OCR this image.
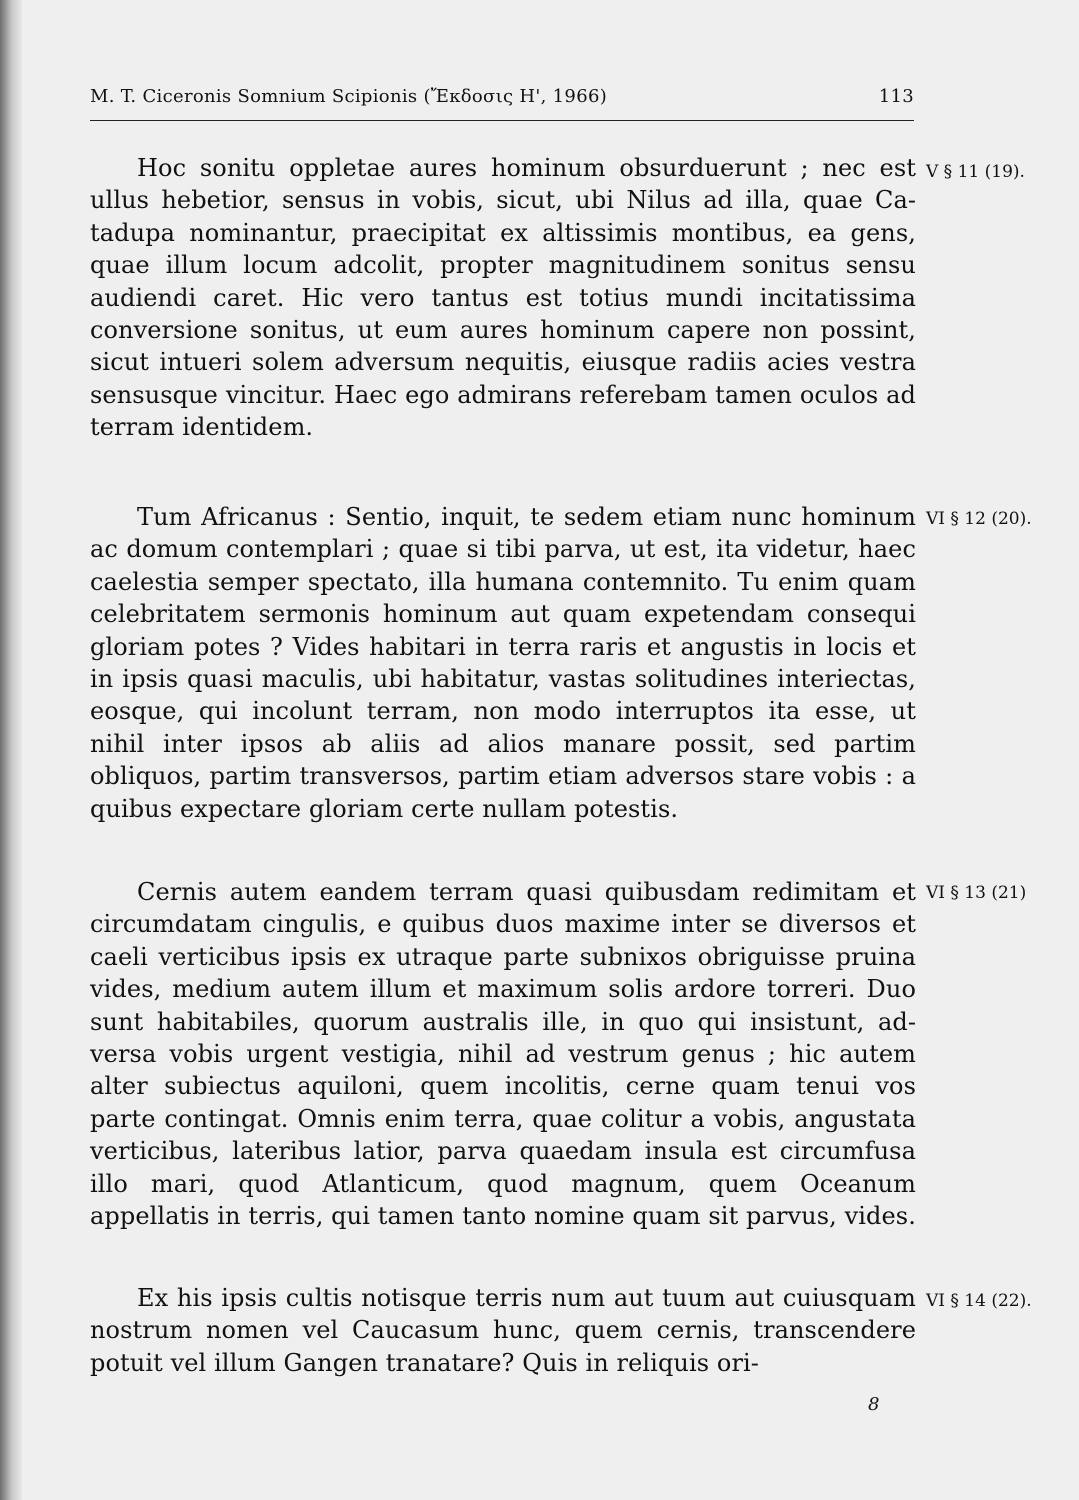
M. T. Ciceronis Somnium Scipionis (Ἔκδοσις Η', 1966)	113
Hoc sonitu oppletae aures hominum obsurduerunt ; nec est ullus hebetior, sensus in vobis, sicut, ubi Nilus ad illa, quae Catadupa nominantur, praecipitat ex altissimis montibus, ea gens, quae illum locum adcolit, propter magnitudinem sonitus sensu audiendi caret. Hic vero tantus est totius mundi incitatissima conversione sonitus, ut eum aures hominum capere non possint, sicut intueri solem adversum nequitis, eiusque radiis acies vestra sensusque vincitur. Haec ego admirans referebam tamen oculos ad terram identidem.
V § 11 (19).
Tum Africanus : Sentio, inquit, te sedem etiam nunc hominum ac domum contemplari ; quae si tibi parva, ut est, ita videtur, haec caelestia semper spectato, illa humana contemnito. Tu enim quam celebritatem sermonis hominum aut quam expetendam consequi gloriam potes ? Vides habitari in terra raris et angustis in locis et in ipsis quasi maculis, ubi habitatur, vastas solitudines interiectas, eosque, qui incolunt terram, non modo interruptos ita esse, ut nihil inter ipsos ab aliis ad alios manare possit, sed partim obliquos, partim transversos, partim etiam adversos stare vobis : a quibus expectare gloriam certe nullam potestis.
VI § 12 (20).
Cernis autem eandem terram quasi quibusdam redimitam et circumdatam cingulis, e quibus duos maxime inter se diversos et caeli verticibus ipsis ex utraque parte subnixos obriguisse pruina vides, medium autem illum et maximum solis ardore torreri. Duo sunt habitabiles, quorum australis ille, in quo qui insistunt, adversa vobis urgent vestigia, nihil ad vestrum genus ; hic autem alter subiectus aquiloni, quem incolitis, cerne quam tenui vos parte contingat. Omnis enim terra, quae colitur a vobis, angustata verticibus, lateribus latior, parva quaedam insula est circumfusa illo mari, quod Atlanticum, quod magnum, quem Oceanum appellatis in terris, qui tamen tanto nomine quam sit parvus, vides.
VI § 13 (21)
Ex his ipsis cultis notisque terris num aut tuum aut cuiusquam nostrum nomen vel Caucasum hunc, quem cernis, transcendere potuit vel illum Gangen tranatare? Quis in reliquis ori-
VI § 14 (22).
8
